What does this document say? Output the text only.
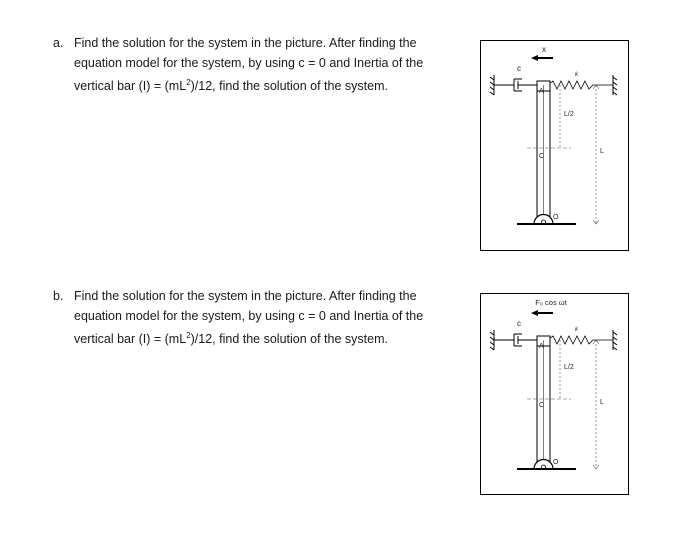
a. Find the solution for the system in the picture. After finding the equation model for the system, by using c = 0 and Inertia of the vertical bar $(I) = (mL^2)/12$, find the solution of the system.
c
x
k
A
C
L/2
L
O
b. Find the solution for the system in the picture. After finding the equation model for the system, by using c = 0 and Inertia of the vertical bar $(I) = (mL^2)/12$, find the solution of the system.
F₀ cos ωt
c
k
A
C
L/2
L
O
